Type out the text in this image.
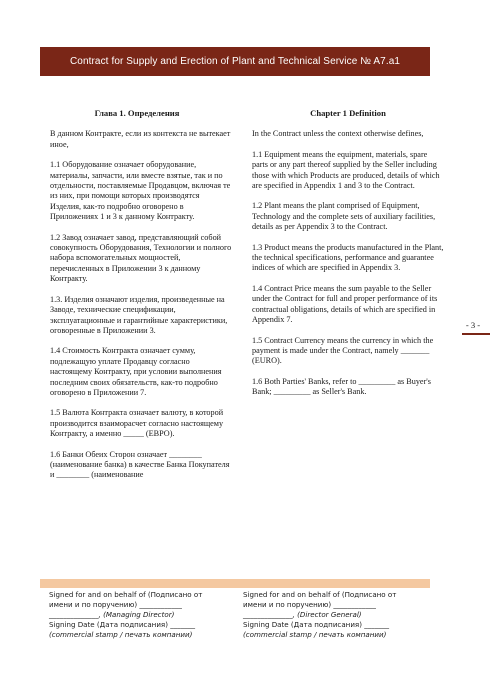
Contract for Supply and Erection of Plant and Technical Service № A7.a1
Глава 1. Определения

В данном Контракте, если из контекста не вытекает иное,

1.1 Оборудование означает оборудование, материалы, запчасти, или вместе взятые, так и по отдельности, поставляемые Продавцом, включая те из них, при помощи которых производятся Изделия, как-то подробно оговорено в Приложениях 1 и 3 к данному Контракту.

1.2 Завод означает завод, представляющий собой совокупность Оборудования, Технологии и полного набора вспомогательных мощностей, перечисленных в Приложении 3 к данному Контракту.

1.3. Изделия означают изделия, произведенные на Заводе, технические спецификации, эксплуатационные и гарантийные характеристики, оговоренные в Приложении 3.

1.4 Стоимость Контракта означает сумму, подлежащую уплате Продавцу согласно настоящему Контракту, при условии выполнения последним своих обязательств, как-то подробно оговорено в Приложении 7.

1.5 Валюта Контракта означает валюту, в которой производится взаиморасчет согласно настоящему Контракту, а именно _____ (ЕВРО).

1.6 Банки Обеих Сторон означает ________ (наименование банка) в качестве Банка Покупателя и ________ (наименование

Chapter 1 Definition

In the Contract unless the context otherwise defines,

1.1 Equipment means the equipment, materials, spare parts or any part thereof supplied by the Seller including those with which Products are produced, details of which are specified in Appendix 1 and 3 to the Contract.

1.2 Plant means the plant comprised of Equipment, Technology and the complete sets of auxiliary facilities, details as per Appendix 3 to the Contract.

1.3 Product means the products manufactured in the Plant, the technical specifications, performance and guarantee indices of which are specified in Appendix 3.

1.4 Contract Price means the sum payable to the Seller under the Contract for full and proper performance of its contractual obligations, details of which are specified in Appendix 7.

1.5 Contract Currency means the currency in which the payment is made under the Contract, namely _______ (EURO).

1.6 Both Parties' Banks, refer to _________ as Buyer's Bank; _________ as Seller's Bank.

- 3 -
Signed for and on behalf of (Подписано от
имени и по поручению) ____________
______________, (Managing Director)
Signing Date (Дата подписания) _______
(commercial stamp / печать компании)
Signed for and on behalf of (Подписано от
имени и по поручению) ____________
______________, (Director General)
Signing Date (Дата подписания) _______
(commercial stamp / печать компании)
